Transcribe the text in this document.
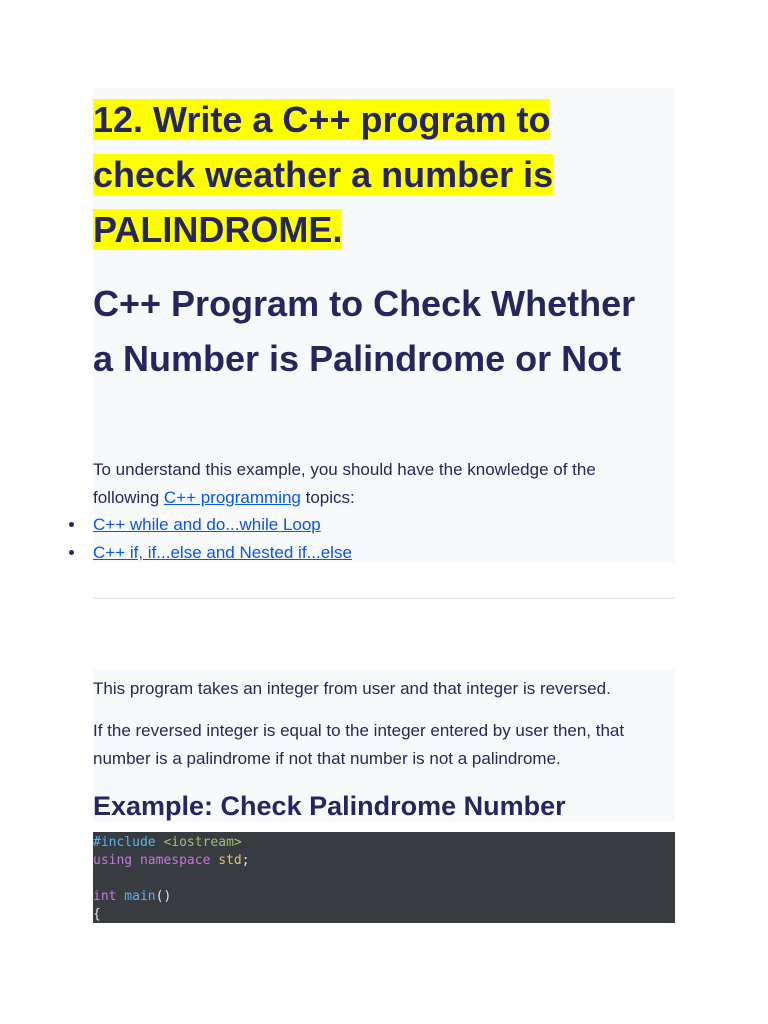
12. Write a C++ program to
check weather a number is
PALINDROME.
C++ Program to Check Whether a Number is Palindrome or Not

To understand this example, you should have the knowledge of the following C++ programming topics:

C++ while and do...while Loop
C++ if, if...else and Nested if...else

This program takes an integer from user and that integer is reversed.

If the reversed integer is equal to the integer entered by user then, that number is a palindrome if not that number is not a palindrome.

Example: Check Palindrome Number
#include <iostream>
using namespace std;
int main()
{
